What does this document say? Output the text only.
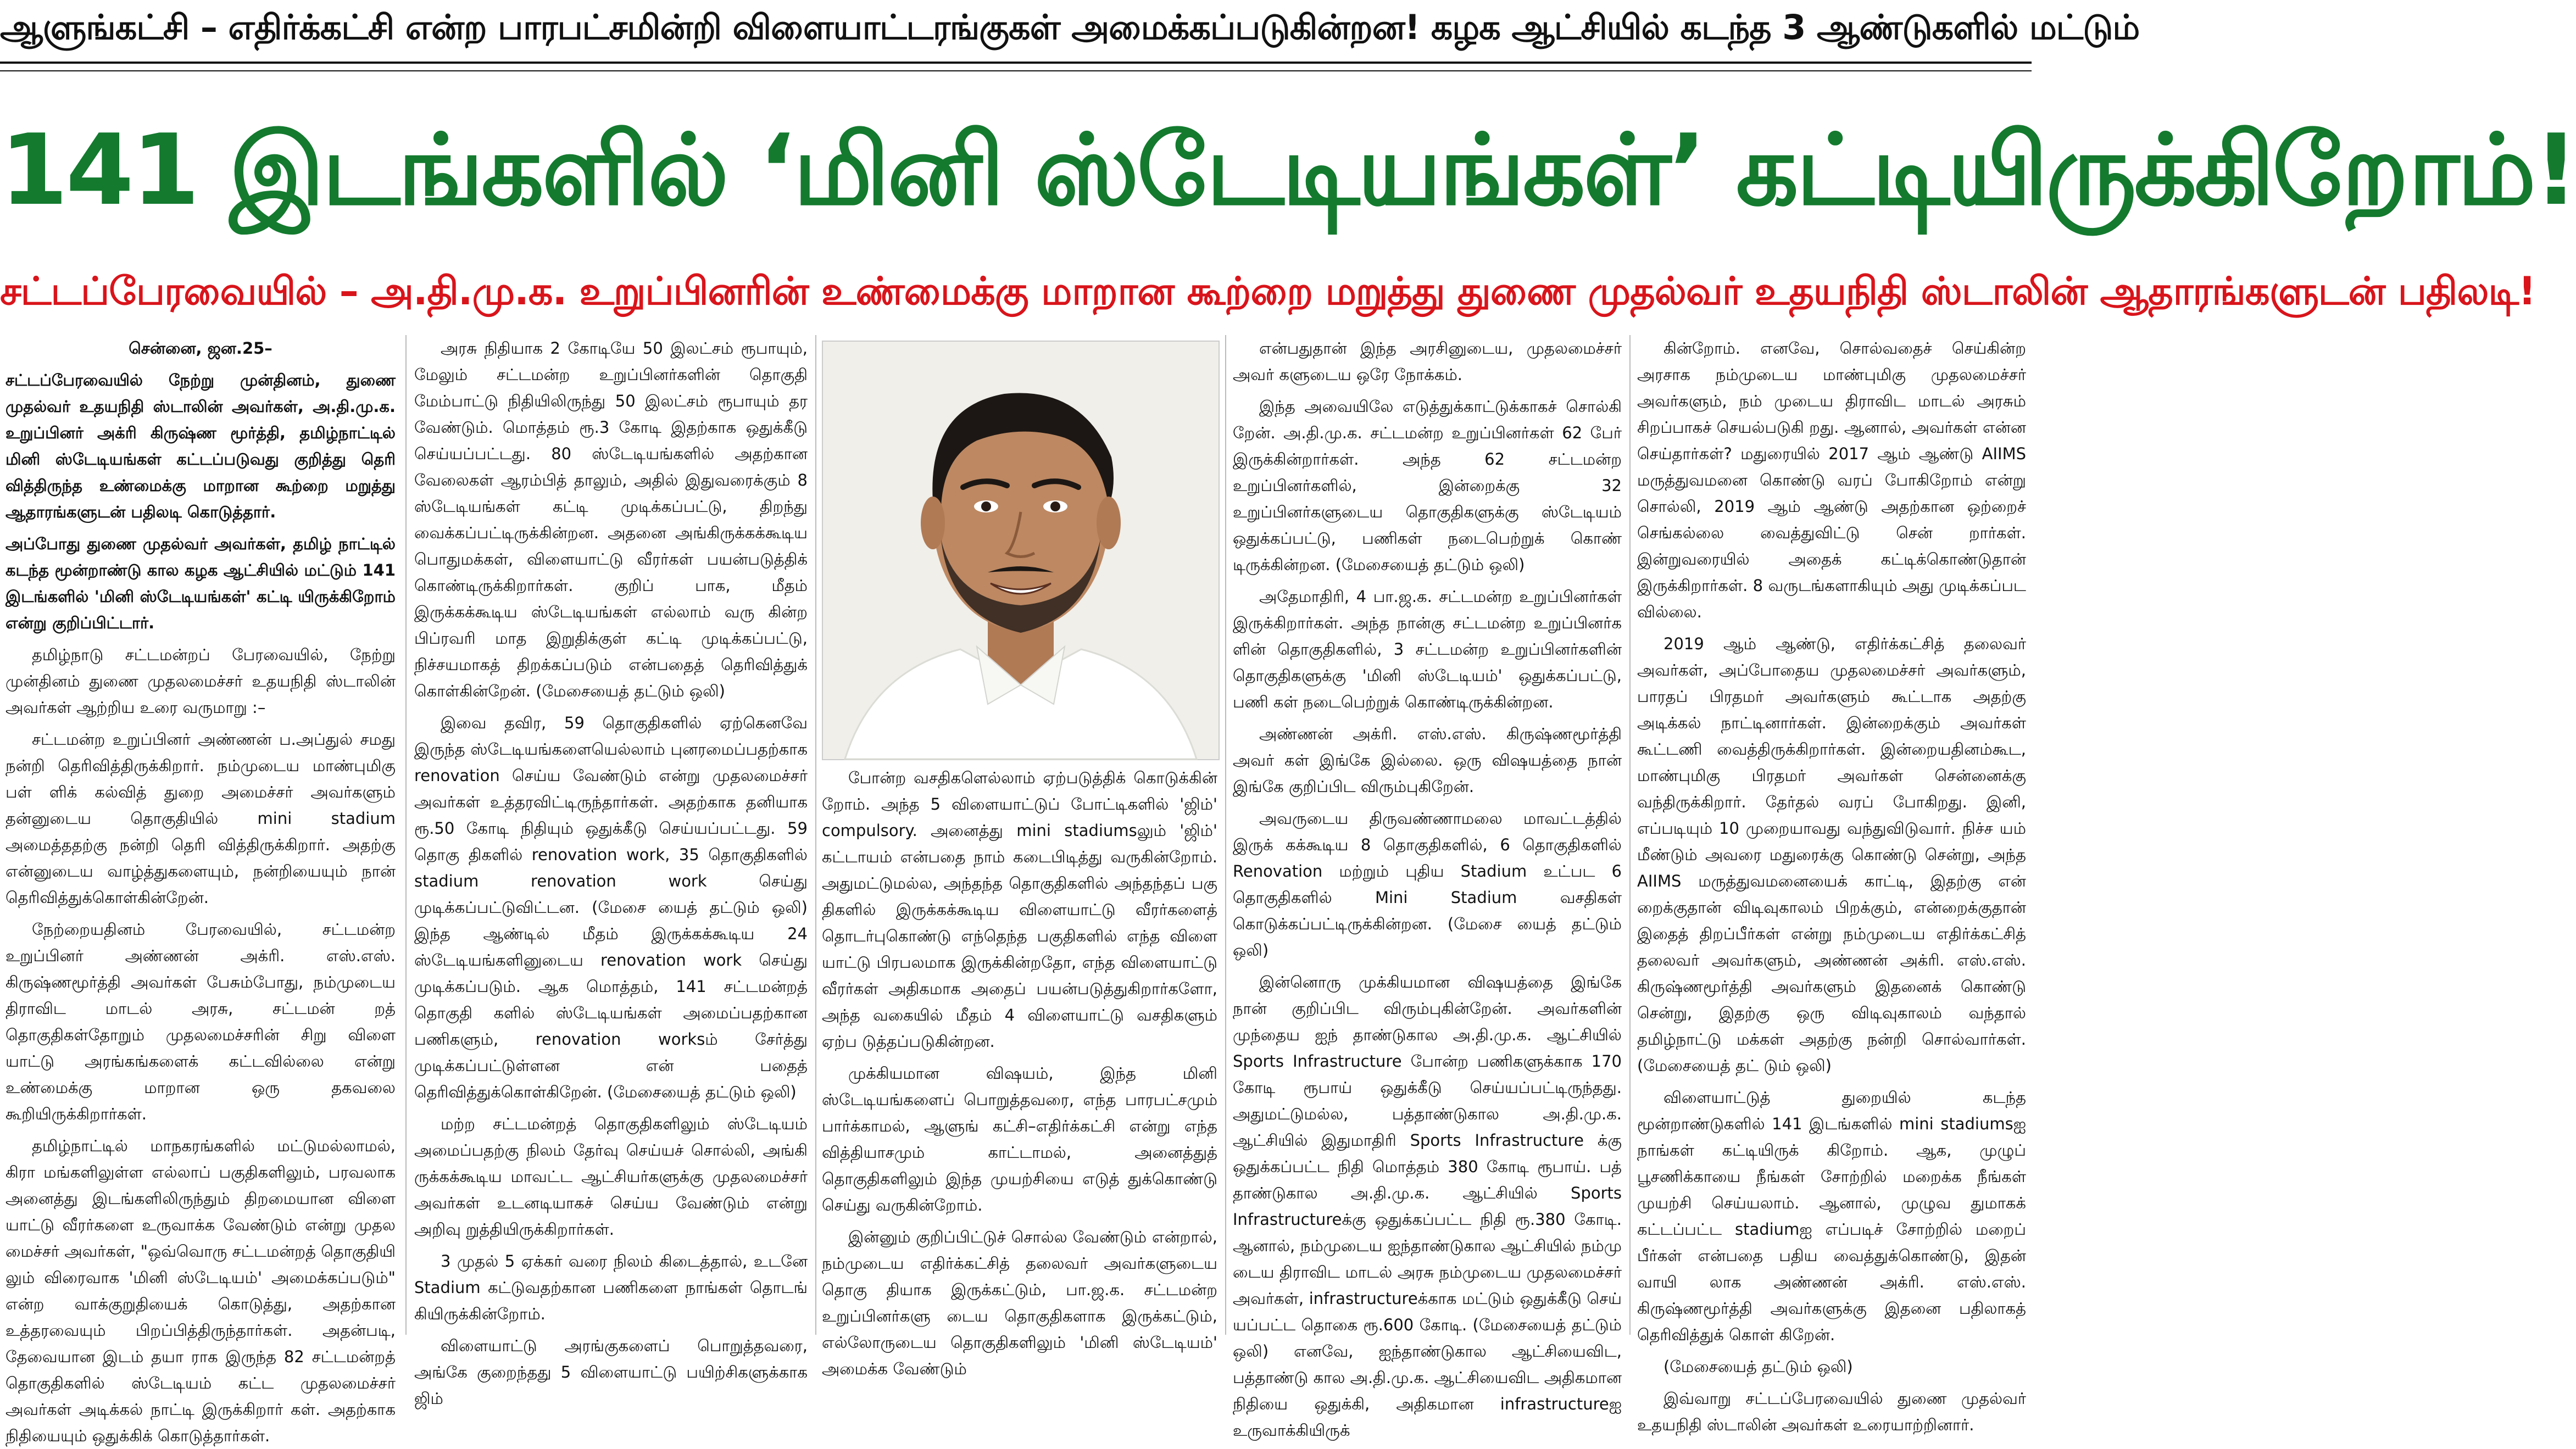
ஆளுங்கட்சி – எதிர்க்கட்சி என்ற பாரபட்சமின்றி விளையாட்டரங்குகள் அமைக்கப்படுகின்றன! கழக ஆட்சியில் கடந்த 3 ஆண்டுகளில் மட்டும்
141 இடங்களில் ‘மினி ஸ்டேடியங்கள்’ கட்டியிருக்கிறோம்!
சட்டப்பேரவையில் – அ.தி.மு.க. உறுப்பினரின் உண்மைக்கு மாறான கூற்றை மறுத்து துணை முதல்வர் உதயநிதி ஸ்டாலின் ஆதாரங்களுடன் பதிலடி!

சென்னை, ஜன.25–

சட்டப்பேரவையில் நேற்று முன்தினம், துணை முதல்வர் உதயநிதி ஸ்டாலின் அவர்கள், அ.தி.மு.க. உறுப்பினர் அக்ரி கிருஷ்ண மூர்த்தி, தமிழ்நாட்டில் மினி ஸ்டேடியங்கள் கட்டப்படுவது குறித்து தெரி வித்திருந்த உண்மைக்கு மாறான கூற்றை மறுத்து ஆதாரங்களுடன் பதிலடி கொடுத்தார்.

அப்போது துணை முதல்வர் அவர்கள், தமிழ் நாட்டில் கடந்த மூன்றாண்டு கால கழக ஆட்சியில் மட்டும் 141 இடங்களில் 'மினி ஸ்டேடியங்கள்' கட்டி யிருக்கிறோம் என்று குறிப்பிட்டார்.

தமிழ்நாடு சட்டமன்றப் பேரவையில், நேற்று முன்தினம் துணை முதலமைச்சர் உதயநிதி ஸ்டாலின் அவர்கள் ஆற்றிய உரை வருமாறு :–

சட்டமன்ற உறுப்பினர் அண்ணன் ப.அப்துல் சமது நன்றி தெரிவித்திருக்கிறார். நம்முடைய மாண்புமிகு பள் ளிக் கல்வித் துறை அமைச்சர் அவர்களும் தன்னுடைய தொகுதியில் mini stadium அமைத்ததற்கு நன்றி தெரி வித்திருக்கிறார். அதற்கு என்னுடைய வாழ்த்துகளையும், நன்றியையும் நான் தெரிவித்துக்கொள்கின்றேன்.

நேற்றையதினம் பேரவையில், சட்டமன்ற உறுப்பினர் அண்ணன் அக்ரி. எஸ்.எஸ். கிருஷ்ணமூர்த்தி அவர்கள் பேசும்போது, நம்முடைய திராவிட மாடல் அரசு, சட்டமன் றத் தொகுதிகள்தோறும் முதலமைச்சரின் சிறு விளை யாட்டு அரங்கங்களைக் கட்டவில்லை என்று உண்மைக்கு மாறான ஒரு தகவலை கூறியிருக்கிறார்கள்.

தமிழ்நாட்டில் மாநகரங்களில் மட்டுமல்லாமல், கிரா மங்களிலுள்ள எல்லாப் பகுதிகளிலும், பரவலாக அனைத்து இடங்களிலிருந்தும் திறமையான விளை யாட்டு வீரர்களை உருவாக்க வேண்டும் என்று முதல மைச்சர் அவர்கள், "ஒவ்வொரு சட்டமன்றத் தொகுதியி லும் விரைவாக 'மினி ஸ்டேடியம்' அமைக்கப்படும்" என்ற வாக்குறுதியைக் கொடுத்து, அதற்கான உத்தரவையும் பிறப்பித்திருந்தார்கள். அதன்படி, தேவையான இடம் தயா ராக இருந்த 82 சட்டமன்றத் தொகுதிகளில் ஸ்டேடியம் கட்ட முதலமைச்சர் அவர்கள் அடிக்கல் நாட்டி இருக்கிறார் கள். அதற்காக நிதியையும் ஒதுக்கிக் கொடுத்தார்கள்.

அரசு நிதியாக 2 கோடியே 50 இலட்சம் ரூபாயும், மேலும் சட்டமன்ற உறுப்பினர்களின் தொகுதி மேம்பாட்டு நிதியிலிருந்து 50 இலட்சம் ரூபாயும் தர வேண்டும். மொத்தம் ரூ.3 கோடி இதற்காக ஒதுக்கீடு செய்யப்பட்டது. 80 ஸ்டேடியங்களில் அதற்கான வேலைகள் ஆரம்பித் தாலும், அதில் இதுவரைக்கும் 8 ஸ்டேடியங்கள் கட்டி முடிக்கப்பட்டு, திறந்து வைக்கப்பட்டிருக்கின்றன. அதனை அங்கிருக்கக்கூடிய பொதுமக்கள், விளையாட்டு வீரர்கள் பயன்படுத்திக் கொண்டிருக்கிறார்கள். குறிப் பாக, மீதம் இருக்கக்கூடிய ஸ்டேடியங்கள் எல்லாம் வரு கின்ற பிப்ரவரி மாத இறுதிக்குள் கட்டி முடிக்கப்பட்டு, நிச்சயமாகத் திறக்கப்படும் என்பதைத் தெரிவித்துக் கொள்கின்றேன். (மேசையைத் தட்டும் ஒலி)

இவை தவிர, 59 தொகுதிகளில் ஏற்கெனவே இருந்த ஸ்டேடியங்களையெல்லாம் புனரமைப்பதற்காக renovation செய்ய வேண்டும் என்று முதலமைச்சர் அவர்கள் உத்தரவிட்டிருந்தார்கள். அதற்காக தனியாக ரூ.50 கோடி நிதியும் ஒதுக்கீடு செய்யப்பட்டது. 59 தொகு திகளில் renovation work, 35 தொகுதிகளில் stadium renovation work செய்து முடிக்கப்பட்டுவிட்டன. (மேசை யைத் தட்டும் ஒலி) இந்த ஆண்டில் மீதம் இருக்கக்கூடிய 24 ஸ்டேடியங்களினுடைய renovation work செய்து முடிக்கப்படும். ஆக மொத்தம், 141 சட்டமன்றத் தொகுதி களில் ஸ்டேடியங்கள் அமைப்பதற்கான பணிகளும், renovation worksம் சேர்த்து முடிக்கப்பட்டுள்ளன என் பதைத் தெரிவித்துக்கொள்கிறேன். (மேசையைத் தட்டும் ஒலி)

மற்ற சட்டமன்றத் தொகுதிகளிலும் ஸ்டேடியம் அமைப்பதற்கு நிலம் தேர்வு செய்யச் சொல்லி, அங்கி ருக்கக்கூடிய மாவட்ட ஆட்சியர்களுக்கு முதலமைச்சர் அவர்கள் உடனடியாகச் செய்ய வேண்டும் என்று அறிவு றுத்தியிருக்கிறார்கள்.

3 முதல் 5 ஏக்கர் வரை நிலம் கிடைத்தால், உடனே Stadium கட்டுவதற்கான பணிகளை நாங்கள் தொடங் கியிருக்கின்றோம்.

விளையாட்டு அரங்குகளைப் பொறுத்தவரை, அங்கே குறைந்தது 5 விளையாட்டு பயிற்சிகளுக்காக ஜிம்

போன்ற வசதிகளெல்லாம் ஏற்படுத்திக் கொடுக்கின் றோம். அந்த 5 விளையாட்டுப் போட்டிகளில் 'ஜிம்' compulsory. அனைத்து mini stadiumsலும் 'ஜிம்' கட்டாயம் என்பதை நாம் கடைபிடித்து வருகின்றோம். அதுமட்டுமல்ல, அந்தந்த தொகுதிகளில் அந்தந்தப் பகு திகளில் இருக்கக்கூடிய விளையாட்டு வீரர்களைத் தொடர்புகொண்டு எந்தெந்த பகுதிகளில் எந்த விளை யாட்டு பிரபலமாக இருக்கின்றதோ, எந்த விளையாட்டு வீரர்கள் அதிகமாக அதைப் பயன்படுத்துகிறார்களோ, அந்த வகையில் மீதம் 4 விளையாட்டு வசதிகளும் ஏற்ப டுத்தப்படுகின்றன.

முக்கியமான விஷயம், இந்த மினி ஸ்டேடியங்களைப் பொறுத்தவரை, எந்த பாரபட்சமும் பார்க்காமல், ஆளுங் கட்சி–எதிர்க்கட்சி என்று எந்த வித்தியாசமும் காட்டாமல், அனைத்துத் தொகுதிகளிலும் இந்த முயற்சியை எடுத் துக்கொண்டு செய்து வருகின்றோம்.

இன்னும் குறிப்பிட்டுச் சொல்ல வேண்டும் என்றால், நம்முடைய எதிர்க்கட்சித் தலைவர் அவர்களுடைய தொகு தியாக இருக்கட்டும், பா.ஜ.க. சட்டமன்ற உறுப்பினர்களு டைய தொகுதிகளாக இருக்கட்டும், எல்லோருடைய தொகுதிகளிலும் 'மினி ஸ்டேடியம்' அமைக்க வேண்டும்

என்பதுதான் இந்த அரசினுடைய, முதலமைச்சர் அவர் களுடைய ஒரே நோக்கம்.

இந்த அவையிலே எடுத்துக்காட்டுக்காகச் சொல்கி றேன். அ.தி.மு.க. சட்டமன்ற உறுப்பினர்கள் 62 பேர் இருக்கின்றார்கள். அந்த 62 சட்டமன்ற உறுப்பினர்களில், இன்றைக்கு 32 உறுப்பினர்களுடைய தொகுதிகளுக்கு ஸ்டேடியம் ஒதுக்கப்பட்டு, பணிகள் நடைபெற்றுக் கொண் டிருக்கின்றன. (மேசையைத் தட்டும் ஒலி)

அதேமாதிரி, 4 பா.ஜ.க. சட்டமன்ற உறுப்பினர்கள் இருக்கிறார்கள். அந்த நான்கு சட்டமன்ற உறுப்பினர்க ளின் தொகுதிகளில், 3 சட்டமன்ற உறுப்பினர்களின் தொகுதிகளுக்கு 'மினி ஸ்டேடியம்' ஒதுக்கப்பட்டு, பணி கள் நடைபெற்றுக் கொண்டிருக்கின்றன.

அண்ணன் அக்ரி. எஸ்.எஸ். கிருஷ்ணமூர்த்தி அவர் கள் இங்கே இல்லை. ஒரு விஷயத்தை நான் இங்கே குறிப்பிட விரும்புகிறேன்.

அவருடைய திருவண்ணாமலை மாவட்டத்தில் இருக் கக்கூடிய 8 தொகுதிகளில், 6 தொகுதிகளில் Renovation மற்றும் புதிய Stadium உட்பட 6 தொகுதிகளில் Mini Stadium வசதிகள் கொடுக்கப்பட்டிருக்கின்றன. (மேசை யைத் தட்டும் ஒலி)

இன்னொரு முக்கியமான விஷயத்தை இங்கே நான் குறிப்பிட விரும்புகின்றேன். அவர்களின் முந்தைய ஐந் தாண்டுகால அ.தி.மு.க. ஆட்சியில் Sports Infrastructure போன்ற பணிகளுக்காக 170 கோடி ரூபாய் ஒதுக்கீடு செய்யப்பட்டிருந்தது. அதுமட்டுமல்ல, பத்தாண்டுகால அ.தி.மு.க. ஆட்சியில் இதுமாதிரி Sports Infrastructure க்கு ஒதுக்கப்பட்ட நிதி மொத்தம் 380 கோடி ரூபாய். பத் தாண்டுகால அ.தி.மு.க. ஆட்சியில் Sports Infrastructureக்கு ஒதுக்கப்பட்ட நிதி ரூ.380 கோடி. ஆனால், நம்முடைய ஐந்தாண்டுகால ஆட்சியில் நம்மு டைய திராவிட மாடல் அரசு நம்முடைய முதலமைச்சர் அவர்கள், infrastructureக்காக மட்டும் ஒதுக்கீடு செய் யப்பட்ட தொகை ரூ.600 கோடி. (மேசையைத் தட்டும் ஒலி) எனவே, ஐந்தாண்டுகால ஆட்சியைவிட, பத்தாண்டு கால அ.தி.மு.க. ஆட்சியைவிட அதிகமான நிதியை ஒதுக்கி, அதிகமான infrastructureஐ உருவாக்கியிருக்

கின்றோம். எனவே, சொல்வதைச் செய்கின்ற அரசாக நம்முடைய மாண்புமிகு முதலமைச்சர் அவர்களும், நம் முடைய திராவிட மாடல் அரசும் சிறப்பாகச் செயல்படுகி றது. ஆனால், அவர்கள் என்ன செய்தார்கள்? மதுரையில் 2017 ஆம் ஆண்டு AIIMS மருத்துவமனை கொண்டு வரப் போகிறோம் என்று சொல்லி, 2019 ஆம் ஆண்டு அதற்கான ஒற்றைச் செங்கல்லை வைத்துவிட்டு சென் றார்கள். இன்றுவரையில் அதைக் கட்டிக்கொண்டுதான் இருக்கிறார்கள். 8 வருடங்களாகியும் அது முடிக்கப்பட வில்லை.

2019 ஆம் ஆண்டு, எதிர்க்கட்சித் தலைவர் அவர்கள், அப்போதைய முதலமைச்சர் அவர்களும், பாரதப் பிரதமர் அவர்களும் கூட்டாக அதற்கு அடிக்கல் நாட்டினார்கள். இன்றைக்கும் அவர்கள் கூட்டணி வைத்திருக்கிறார்கள். இன்றையதினம்கூட, மாண்புமிகு பிரதமர் அவர்கள் சென்னைக்கு வந்திருக்கிறார். தேர்தல் வரப் போகிறது. இனி, எப்படியும் 10 முறையாவது வந்துவிடுவார். நிச்ச யம் மீண்டும் அவரை மதுரைக்கு கொண்டு சென்று, அந்த AIIMS மருத்துவமனையைக் காட்டி, இதற்கு என் றைக்குதான் விடிவுகாலம் பிறக்கும், என்றைக்குதான் இதைத் திறப்பீர்கள் என்று நம்முடைய எதிர்க்கட்சித் தலைவர் அவர்களும், அண்ணன் அக்ரி. எஸ்.எஸ். கிருஷ்ணமூர்த்தி அவர்களும் இதனைக் கொண்டு சென்று, இதற்கு ஒரு விடிவுகாலம் வந்தால் தமிழ்நாட்டு மக்கள் அதற்கு நன்றி சொல்வார்கள். (மேசையைத் தட் டும் ஒலி)

விளையாட்டுத் துறையில் கடந்த மூன்றாண்டுகளில் 141 இடங்களில் mini stadiumsஐ நாங்கள் கட்டியிருக் கிறோம். ஆக, முழுப் பூசணிக்காயை நீங்கள் சோற்றில் மறைக்க நீங்கள் முயற்சி செய்யலாம். ஆனால், முழுவ துமாகக் கட்டப்பட்ட stadiumஐ எப்படிச் சோற்றில் மறைப் பீர்கள் என்பதை பதிய வைத்துக்கொண்டு, இதன் வாயி லாக அண்ணன் அக்ரி. எஸ்.எஸ். கிருஷ்ணமூர்த்தி அவர்களுக்கு இதனை பதிலாகத் தெரிவித்துக் கொள் கிறேன்.

(மேசையைத் தட்டும் ஒலி)

இவ்வாறு சட்டப்பேரவையில் துணை முதல்வர் உதயநிதி ஸ்டாலின் அவர்கள் உரையாற்றினார்.
